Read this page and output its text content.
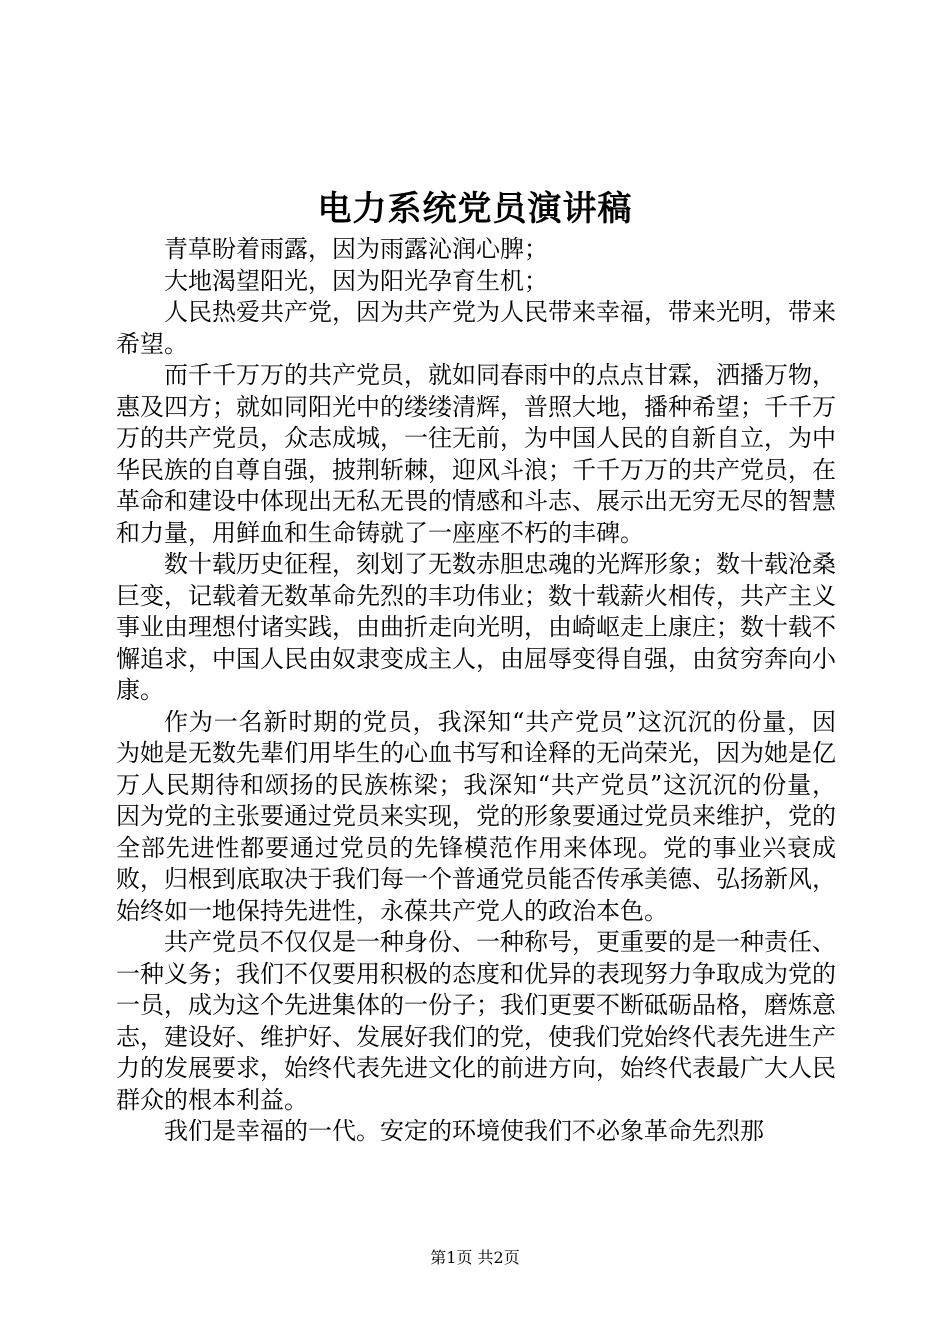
电力系统党员演讲稿

青草盼着雨露，因为雨露沁润心脾；

大地渴望阳光，因为阳光孕育生机；

人民热爱共产党，因为共产党为人民带来幸福，带来光明，带来希望。

而千千万万的共产党员，就如同春雨中的点点甘霖，洒播万物，惠及四方；就如同阳光中的缕缕清辉，普照大地，播种希望；千千万万的共产党员，众志成城，一往无前，为中国人民的自新自立，为中华民族的自尊自强，披荆斩棘，迎风斗浪；千千万万的共产党员，在革命和建设中体现出无私无畏的情感和斗志、展示出无穷无尽的智慧和力量，用鲜血和生命铸就了一座座不朽的丰碑。

数十载历史征程，刻划了无数赤胆忠魂的光辉形象；数十载沧桑巨变，记载着无数革命先烈的丰功伟业；数十载薪火相传，共产主义事业由理想付诸实践，由曲折走向光明，由崎岖走上康庄；数十载不懈追求，中国人民由奴隶变成主人，由屈辱变得自强，由贫穷奔向小康。

作为一名新时期的党员，我深知“共产党员”这沉沉的份量，因为她是无数先辈们用毕生的心血书写和诠释的无尚荣光，因为她是亿万人民期待和颂扬的民族栋梁；我深知“共产党员”这沉沉的份量，因为党的主张要通过党员来实现，党的形象要通过党员来维护，党的全部先进性都要通过党员的先锋模范作用来体现。党的事业兴衰成败，归根到底取决于我们每一个普通党员能否传承美德、弘扬新风，始终如一地保持先进性，永葆共产党人的政治本色。

共产党员不仅仅是一种身份、一种称号，更重要的是一种责任、一种义务；我们不仅要用积极的态度和优异的表现努力争取成为党的一员，成为这个先进集体的一份子；我们更要不断砥砺品格，磨炼意志，建设好、维护好、发展好我们的党，使我们党始终代表先进生产力的发展要求，始终代表先进文化的前进方向，始终代表最广大人民群众的根本利益。

我们是幸福的一代。安定的环境使我们不必象革命先烈那

第1页 共2页
